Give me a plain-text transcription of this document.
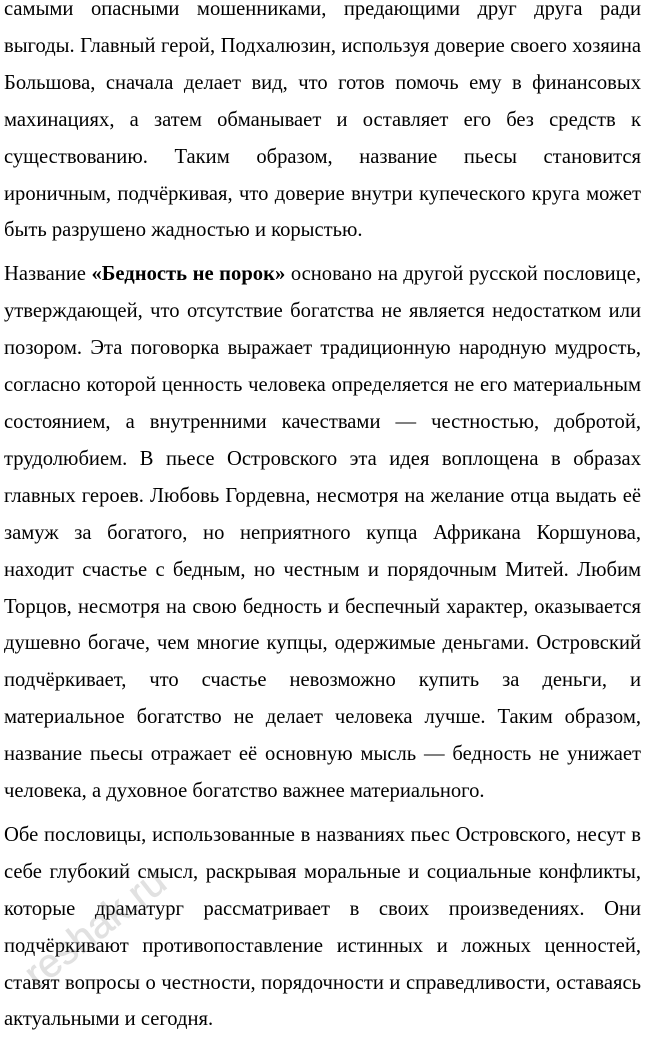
самыми опасными мошенниками, предающими друг друга ради выгоды. Главный герой, Подхалюзин, используя доверие своего хозяина Большова, сначала делает вид, что готов помочь ему в финансовых махинациях, а затем обманывает и оставляет его без средств к существованию. Таким образом, название пьесы становится ироничным, подчёркивая, что доверие внутри купеческого круга может быть разрушено жадностью и корыстью.

Название «Бедность не порок» основано на другой русской пословице, утверждающей, что отсутствие богатства не является недостатком или позором. Эта поговорка выражает традиционную народную мудрость, согласно которой ценность человека определяется не его материальным состоянием, а внутренними качествами — честностью, добротой, трудолюбием. В пьесе Островского эта идея воплощена в образах главных героев. Любовь Гордевна, несмотря на желание отца выдать её замуж за богатого, но неприятного купца Африкана Коршунова, находит счастье с бедным, но честным и порядочным Митей. Любим Торцов, несмотря на свою бедность и беспечный характер, оказывается душевно богаче, чем многие купцы, одержимые деньгами. Островский подчёркивает, что счастье невозможно купить за деньги, и материальное богатство не делает человека лучше. Таким образом, название пьесы отражает её основную мысль — бедность не унижает человека, а духовное богатство важнее материального.

Обе пословицы, использованные в названиях пьес Островского, несут в себе глубокий смысл, раскрывая моральные и социальные конфликты, которые драматург рассматривает в своих произведениях. Они подчёркивают противопоставление истинных и ложных ценностей, ставят вопросы о честности, порядочности и справедливости, оставаясь актуальными и сегодня.

reshak.ru
